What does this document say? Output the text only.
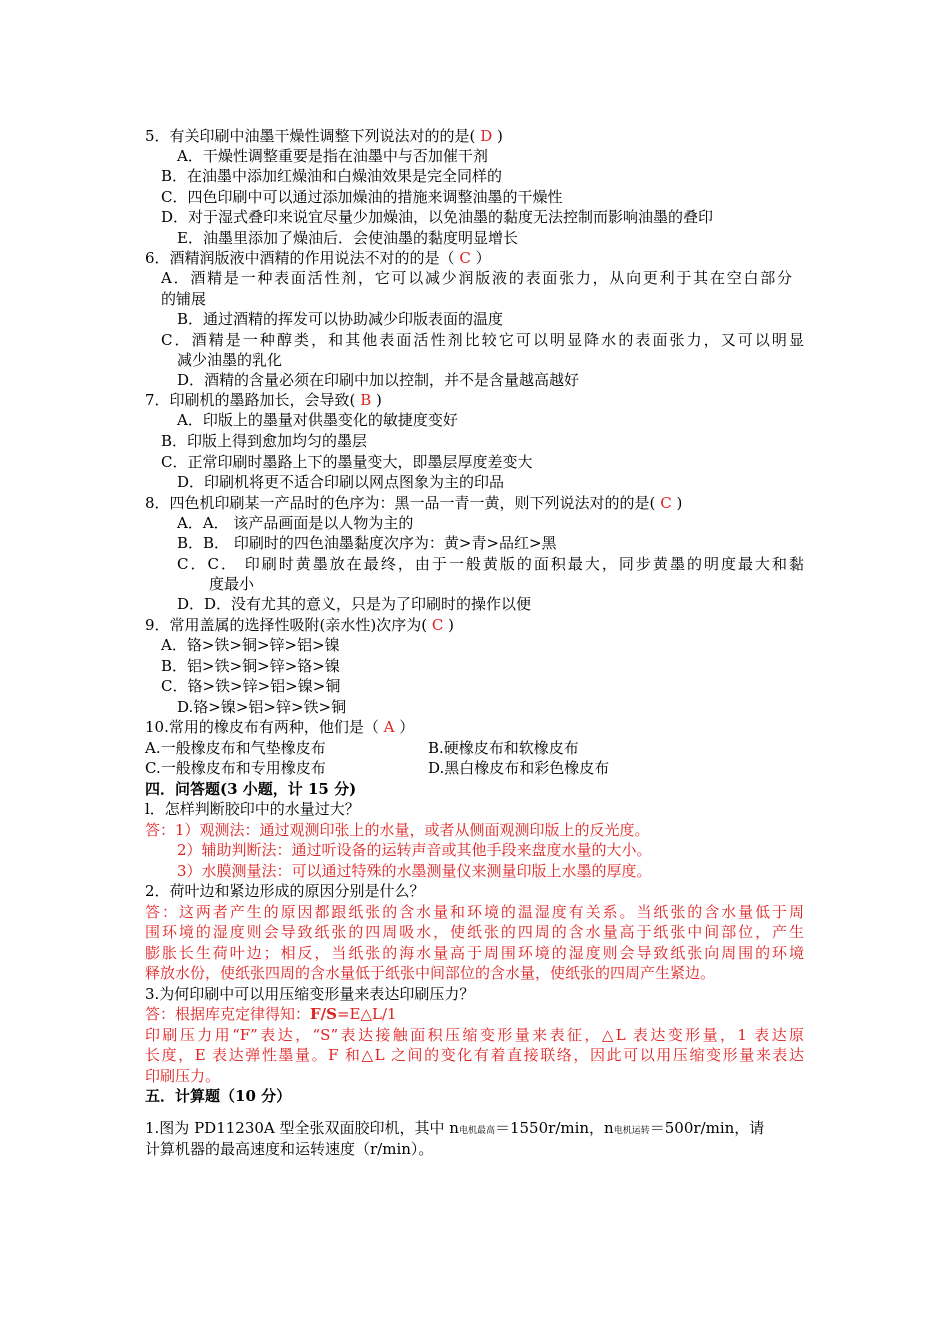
5．有关印刷中油墨干燥性调整下列说法对的的是( D )
A．干燥性调整重要是指在油墨中与否加催干剂
B．在油墨中添加红燥油和白燥油效果是完全同样的
C．四色印刷中可以通过添加燥油的措施来调整油墨的干燥性
D．对于湿式叠印来说宜尽量少加燥油，以免油墨的黏度无法控制而影响油墨的叠印
E．油墨里添加了燥油后．会使油墨的黏度明显增长
6．酒精润版液中酒精的作用说法不对的的是（ C ）
A．酒精是一种表面活性剂，它可以减少润版液的表面张力，从向更利于其在空白部分
的铺展
B．通过酒精的挥发可以协助减少印版表面的温度
C．酒精是一种醇类，和其他表面活性剂比较它可以明显降水的表面张力，又可以明显
减少油墨的乳化
D．酒精的含量必须在印刷中加以控制，并不是含量越高越好
7．印刷机的墨路加长，会导致( B )
A．印版上的墨量对供墨变化的敏捷度变好
B．印版上得到愈加均匀的墨层
C．正常印刷时墨路上下的墨量变大，即墨层厚度差变大
D．印刷机将更不适合印刷以网点图象为主的印品
8．四色机印刷某一产品时的色序为：黑一品一青一黄，则下列说法对的的是( C )
A．A． 该产品画面是以人物为主的
B．B． 印刷时的四色油墨黏度次序为：黄>青>品红>黑
C．C． 印刷时黄墨放在最终，由于一般黄版的面积最大，同步黄墨的明度最大和黏
度最小
D．D．没有尤其的意义，只是为了印刷时的操作以便
9．常用盖属的选择性吸附(亲水性)次序为( C )
A．铬>铁>铜>锌>铝>镍
B．铝>铁>铜>锌>铬>镍
C．铬>铁>锌>铝>镍>铜
D.铬>镍>铝>锌>铁>铜
10.常用的橡皮布有两种，他们是（ A ）
A.一般橡皮布和气垫橡皮布	B.硬橡皮布和软橡皮布
C.一般橡皮布和专用橡皮布	D.黑白橡皮布和彩色橡皮布
四．问答题(3 小题，计 15 分)
l．怎样判断胶印中的水量过大？
答：1）观测法：通过观测印张上的水量，或者从侧面观测印版上的反光度。
2）辅助判断法：通过听设备的运转声音或其他手段来盘度水量的大小。
3）水膜测量法：可以通过特殊的水墨测量仪来测量印版上水墨的厚度。
2．荷叶边和紧边形成的原因分别是什么？
答：这两者产生的原因都跟纸张的含水量和环境的温湿度有关系。当纸张的含水量低于周
围环境的湿度则会导致纸张的四周吸水，使纸张的四周的含水量高于纸张中间部位，产生
膨胀长生荷叶边；相反，当纸张的海水量高于周围环境的湿度则会导致纸张向周围的环境
释放水份，使纸张四周的含水量低于纸张中间部位的含水量，使纸张的四周产生紧边。
3.为何印刷中可以用压缩变形量来表达印刷压力？
答：根据库克定律得知：F/S=E△L/1
印刷压力用“F”表达，“S”表达接触面积压缩变形量来表征，△L 表达变形量，1 表达原
长度，E 表达弹性墨量。F 和△L 之间的变化有着直接联络，因此可以用压缩变形量来表达
印刷压力。
五．计算题（10 分）
1.图为 PD11230A 型全张双面胶印机，其中 n电机最高＝1550r/min，n电机运转＝500r/min，请
计算机器的最高速度和运转速度（r/min）。
